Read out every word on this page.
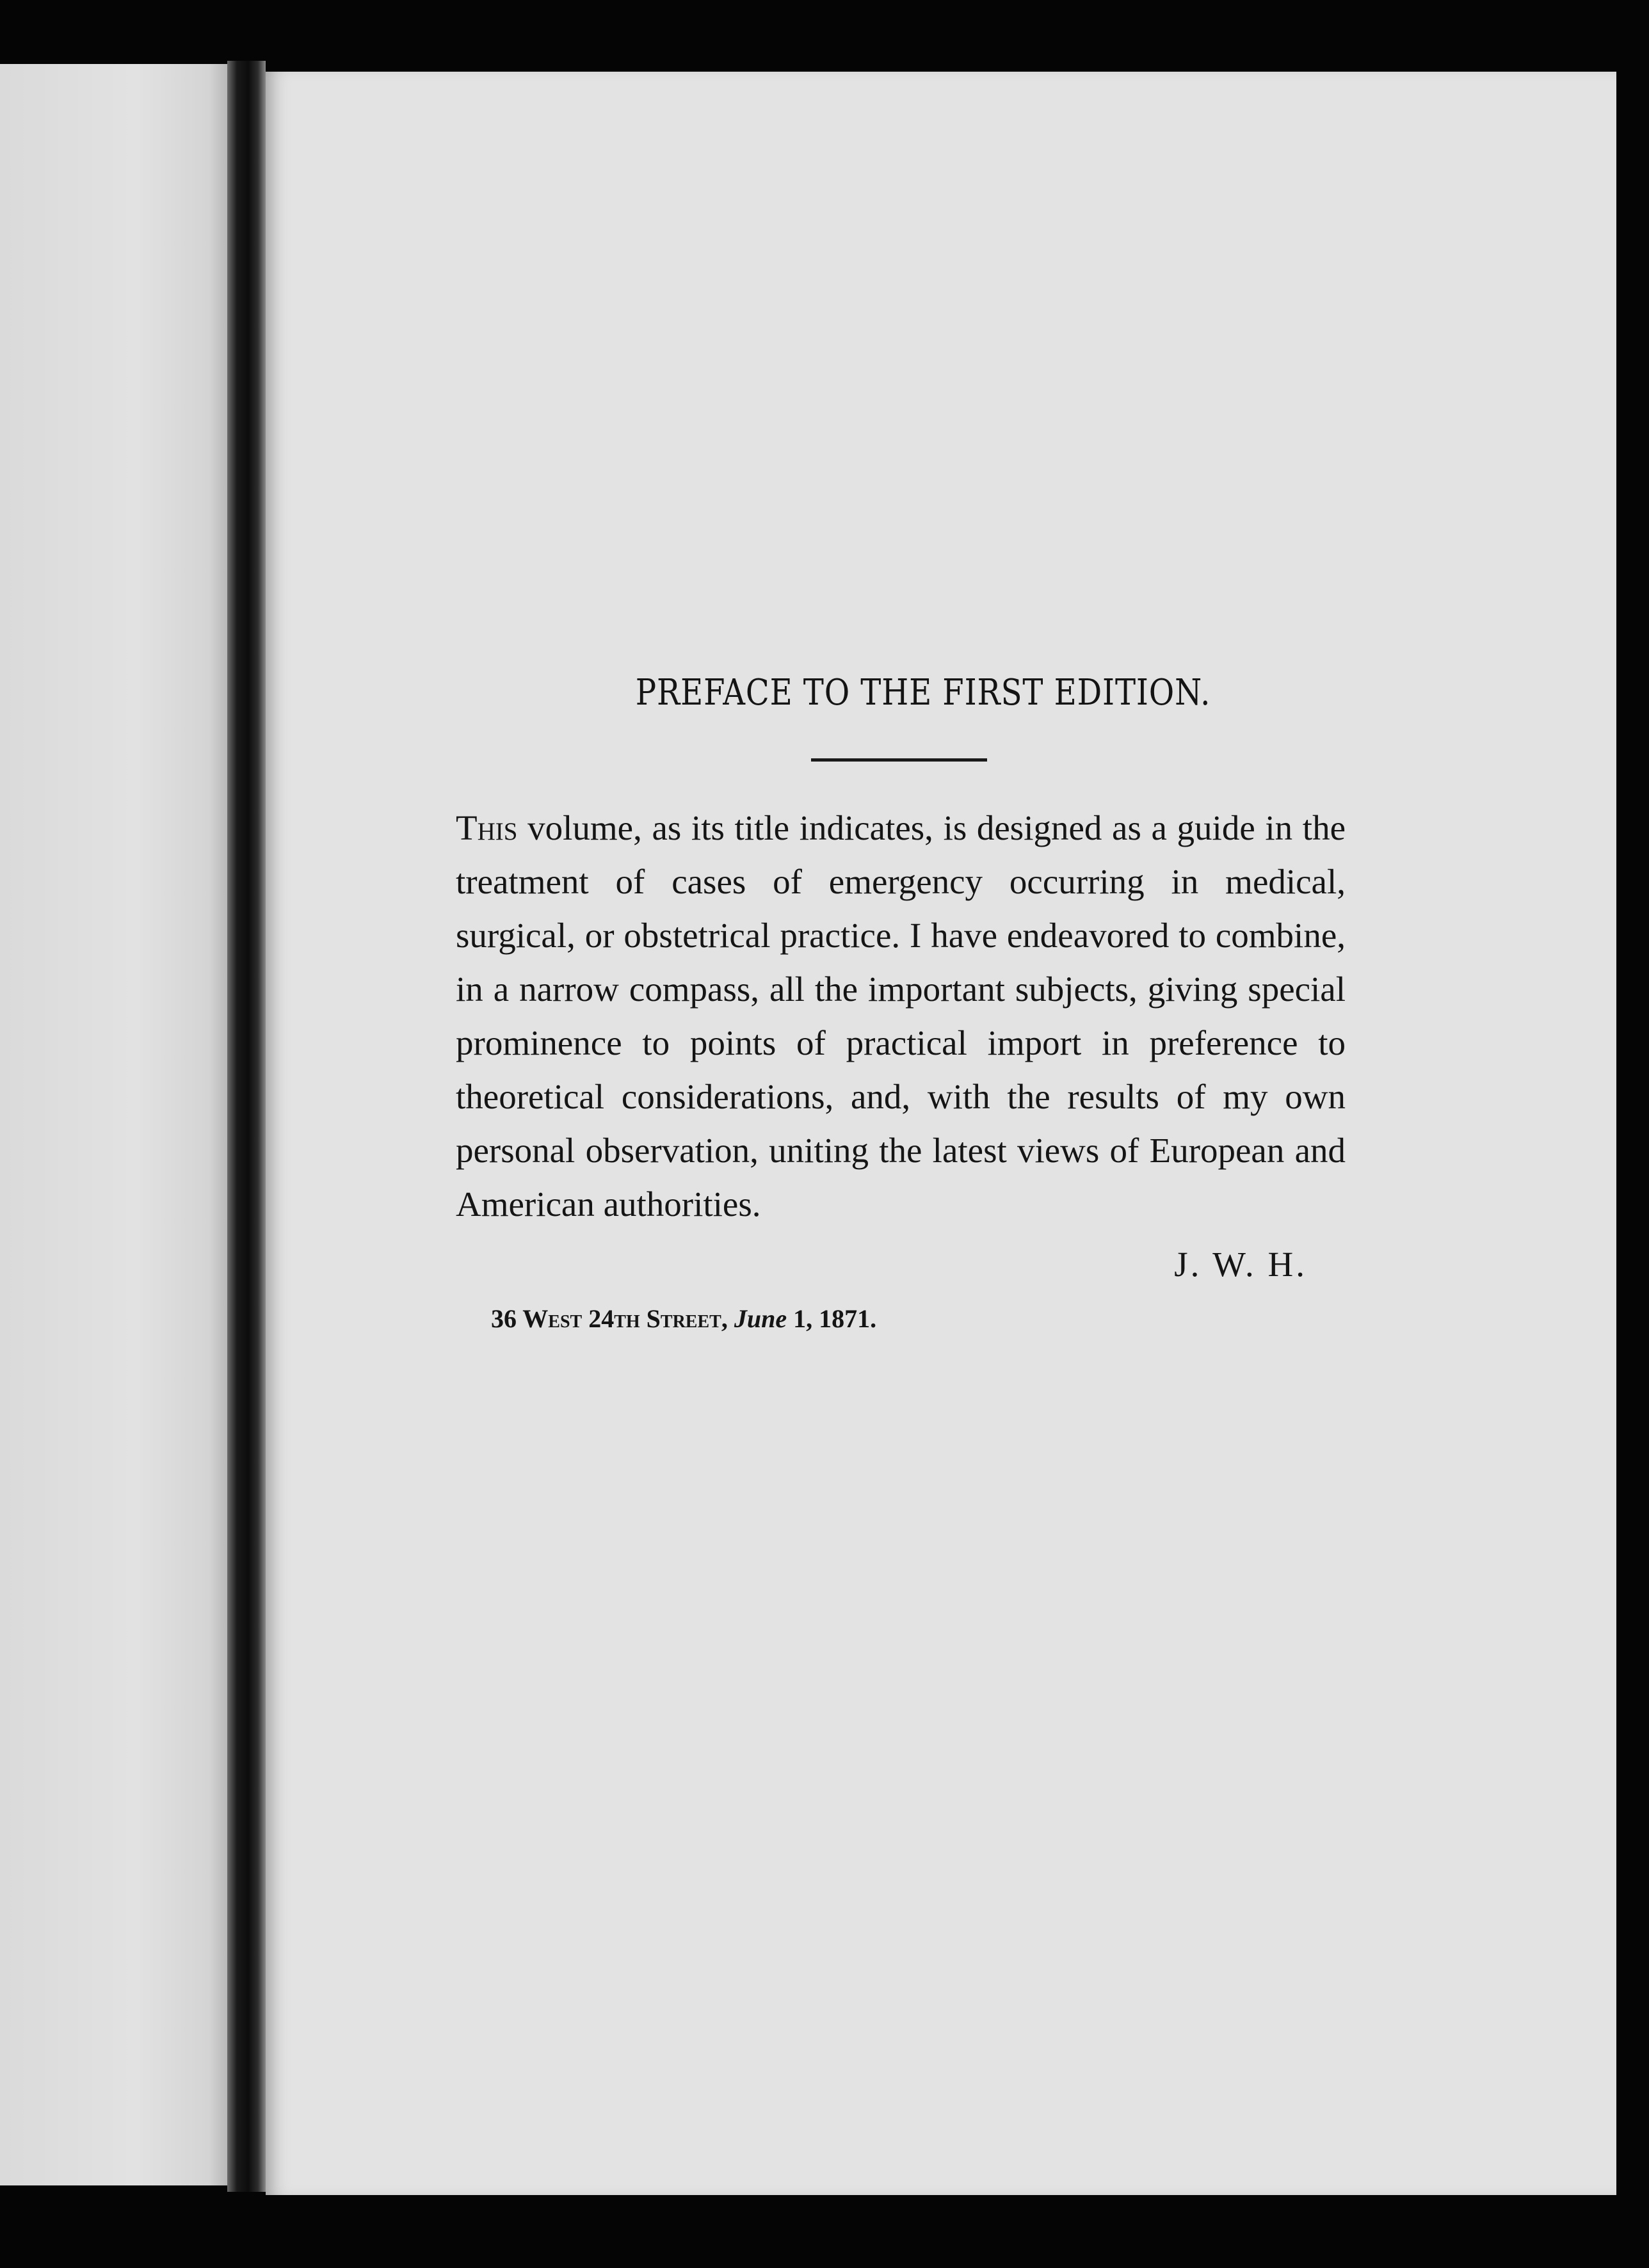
PREFACE TO THE FIRST EDITION.

This volume, as its title indicates, is designed as a guide in the treatment of cases of emergency occurring in medical, surgical, or obstetrical practice. I have endeavored to combine, in a narrow compass, all the important subjects, giving special prominence to points of practical import in preference to theoretical considerations, and, with the results of my own personal observation, uniting the latest views of European and American authorities.

J. W. H.
36 West 24th Street, June 1, 1871.
